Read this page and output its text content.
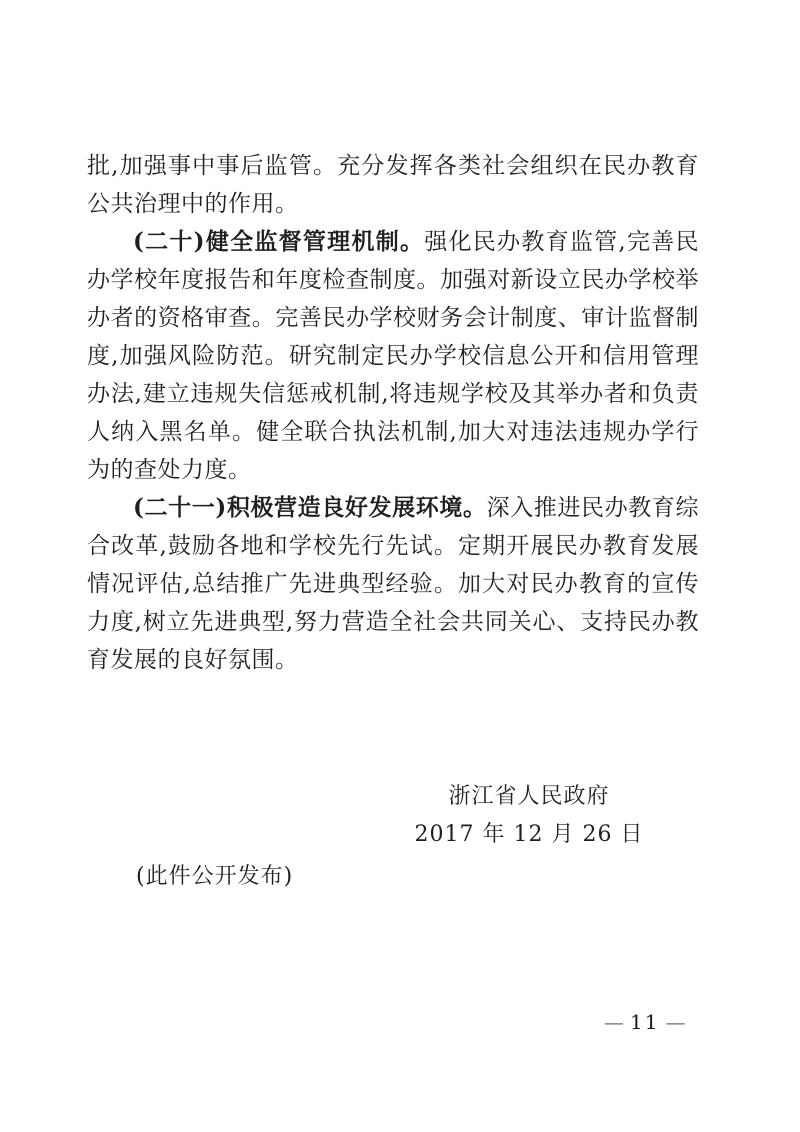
批,加强事中事后监管。充分发挥各类社会组织在民办教育公共治理中的作用。

(二十)健全监督管理机制。强化民办教育监管,完善民办学校年度报告和年度检查制度。加强对新设立民办学校举办者的资格审查。完善民办学校财务会计制度、审计监督制度,加强风险防范。研究制定民办学校信息公开和信用管理办法,建立违规失信惩戒机制,将违规学校及其举办者和负责人纳入黑名单。健全联合执法机制,加大对违法违规办学行为的查处力度。

(二十一)积极营造良好发展环境。深入推进民办教育综合改革,鼓励各地和学校先行先试。定期开展民办教育发展情况评估,总结推广先进典型经验。加大对民办教育的宣传力度,树立先进典型,努力营造全社会共同关心、支持民办教育发展的良好氛围。

浙江省人民政府
2017 年 12 月 26 日
(此件公开发布)
— 11 —
